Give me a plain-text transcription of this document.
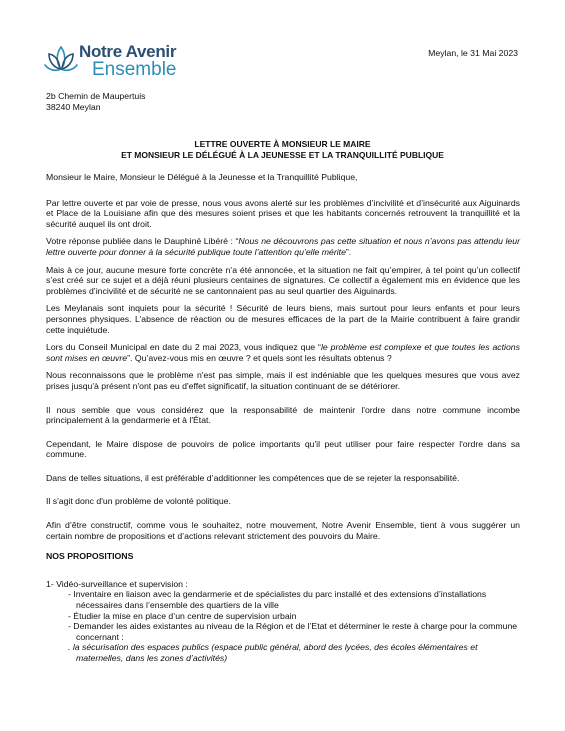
Notre Avenir
Ensemble
Meylan, le 31 Mai 2023
2b Chemin de Maupertuis
38240 Meylan
LETTRE OUVERTE À MONSIEUR LE MAIRE
ET MONSIEUR LE DÉLÉGUÉ À LA JEUNESSE ET LA TRANQUILLITÉ PUBLIQUE

Monsieur le Maire, Monsieur le Délégué à la Jeunesse et la Tranquillité Publique,

Par lettre ouverte et par voie de presse, nous vous avons alerté sur les problèmes d’incivilité et d’insécurité aux Aiguinards et Place de la Louisiane afin que des mesures soient prises et que les habitants concernés retrouvent la tranquillité et la sécurité auquel ils ont droit.

Votre réponse publiée dans le Dauphiné Libéré : “Nous ne découvrons pas cette situation et nous n’avons pas attendu leur lettre ouverte pour donner à la sécurité publique toute l’attention qu’elle mérite”.

Mais à ce jour, aucune mesure forte concrète n’a été annoncée, et la situation ne fait qu’empirer, à tel point qu’un collectif s’est créé sur ce sujet et a déjà réuni plusieurs centaines de signatures. Ce collectif a également mis en évidence que les problèmes d’incivilité et de sécurité ne se cantonnaient pas au seul quartier des Aiguinards.

Les Meylanais sont inquiets pour la sécurité ! Sécurité de leurs biens, mais surtout pour leurs enfants et pour leurs personnes physiques. L’absence de réaction ou de mesures efficaces de la part de la Mairie contribuent à faire grandir cette inquiétude.

Lors du Conseil Municipal en date du 2 mai 2023, vous indiquez que “le problème est complexe et que toutes les actions sont mises en œuvre”. Qu’avez-vous mis en œuvre ? et quels sont les résultats obtenus ?

Nous reconnaissons que le problème n'est pas simple, mais il est indéniable que les quelques mesures que vous avez prises jusqu'à présent n'ont pas eu d'effet significatif, la situation continuant de se détériorer.

Il nous semble que vous considérez que la responsabilité de maintenir l'ordre dans notre commune incombe principalement à la gendarmerie et à l'État.

Cependant, le Maire dispose de pouvoirs de police importants qu'il peut utiliser pour faire respecter l'ordre dans sa commune.

Dans de telles situations, il est préférable d’additionner les compétences que de se rejeter la responsabilité.

Il s'agit donc d'un problème de volonté politique.

Afin d’être constructif, comme vous le souhaitez, notre mouvement, Notre Avenir Ensemble, tient à vous suggérer un certain nombre de propositions et d’actions relevant strictement des pouvoirs du Maire.

NOS PROPOSITIONS
1- Vidéo-surveillance et supervision :
- Inventaire en liaison avec la gendarmerie et de spécialistes du parc installé et des extensions d’installations nécessaires dans l’ensemble des quartiers de la ville
- Étudier la mise en place d’un centre de supervision urbain
- Demander les aides existantes au niveau de la Région et de l’Etat et déterminer le reste à charge pour la commune concernant :
. la sécurisation des espaces publics (espace public général, abord des lycées, des écoles élémentaires et maternelles, dans les zones d’activités)
